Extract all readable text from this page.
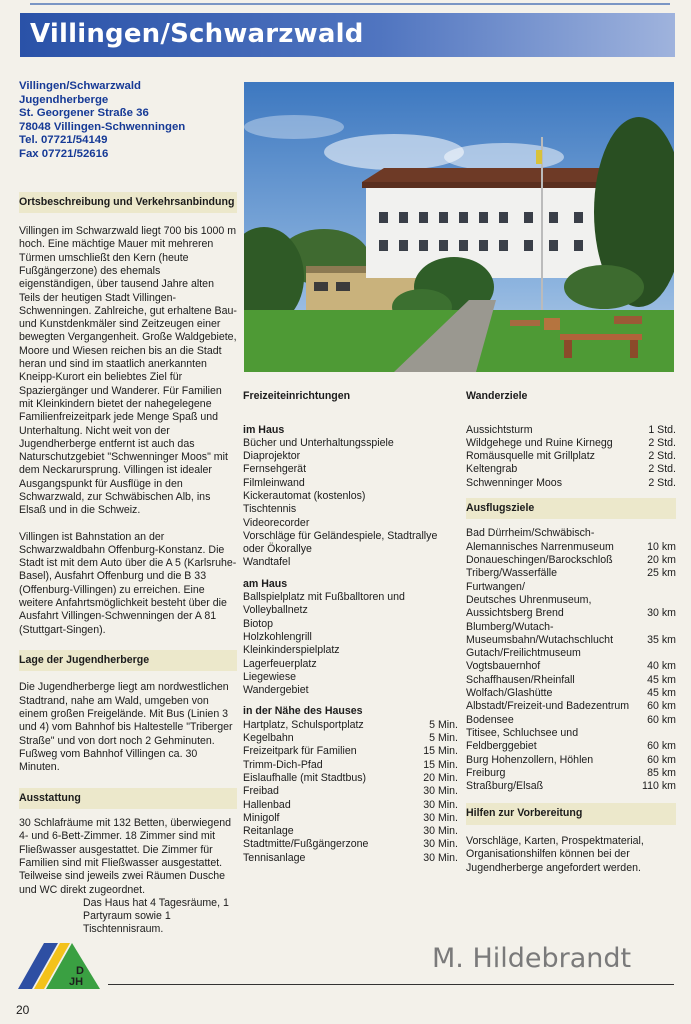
Villingen/Schwarzwald
Villingen/Schwarzwald
Jugendherberge
St. Georgener Straße 36
78048 Villingen-Schwenningen
Tel. 07721/54149
Fax 07721/52616
Ortsbeschreibung und Verkehrsanbindung

Villingen im Schwarzwald liegt 700 bis 1000 m hoch. Eine mächtige Mauer mit mehreren Türmen umschließt den Kern (heute Fußgängerzone) des ehemals eigenständigen, über tausend Jahre alten Teils der heutigen Stadt Villingen-Schwenningen. Zahlreiche, gut erhaltene Bau- und Kunstdenkmäler sind Zeitzeugen einer bewegten Vergangenheit. Große Waldgebiete, Moore und Wiesen reichen bis an die Stadt heran und sind im staatlich anerkannten Kneipp-Kurort ein beliebtes Ziel für Spaziergänger und Wanderer. Für Familien mit Kleinkindern bietet der nahegelegene Familienfreizeitpark jede Menge Spaß und Unterhaltung. Nicht weit von der Jugendherberge entfernt ist auch das Naturschutzgebiet "Schwenninger Moos" mit dem Neckarursprung. Villingen ist idealer Ausgangspunkt für Ausflüge in den Schwarzwald, zur Schwäbischen Alb, ins Elsaß und in die Schweiz.

Villingen ist Bahnstation an der Schwarzwaldbahn Offenburg-Konstanz. Die Stadt ist mit dem Auto über die A 5 (Karlsruhe-Basel), Ausfahrt Offenburg und die B 33 (Offenburg-Villingen) zu erreichen. Eine weitere Anfahrtsmöglichkeit besteht über die Ausfahrt Villingen-Schwenningen der A 81 (Stuttgart-Singen).

Lage der Jugendherberge

Die Jugendherberge liegt am nordwestlichen Stadtrand, nahe am Wald, umgeben von einem großen Freigelände. Mit Bus (Linien 3 und 4) vom Bahnhof bis Haltestelle "Triberger Straße" und von dort noch 2 Gehminuten. Fußweg vom Bahnhof Villingen ca. 30 Minuten.

Ausstattung

30 Schlafräume mit 132 Betten, überwiegend 4- und 6-Bett-Zimmer. 18 Zimmer sind mit Fließwasser ausgestattet. Die Zimmer für Familien sind mit Fließwasser ausgestattet. Teilweise sind jeweils zwei Räumen Dusche und WC direkt zugeordnet.

Das Haus hat 4 Tagesräume, 1 Partyraum sowie 1 Tischtennisraum.

Freizeiteinrichtungen
im Haus
Bücher und Unterhaltungsspiele
Diaprojektor
Fernsehgerät
Filmleinwand
Kickerautomat (kostenlos)
Tischtennis
Videorecorder
Vorschläge für Geländespiele, Stadtrallye oder Ökorallye
Wandtafel
am Haus
Ballspielplatz mit Fußballtoren und Volleyballnetz
Biotop
Holzkohlengrill
Kleinkinderspielplatz
Lagerfeuerplatz
Liegewiese
Wandergebiet
in der Nähe des Hauses
Hartplatz, Schulsportplatz	5 Min.
Kegelbahn	5 Min.
Freizeitpark für Familien	15 Min.
Trimm-Dich-Pfad	15 Min.
Eislaufhalle (mit Stadtbus)	20 Min.
Freibad	30 Min.
Hallenbad	30 Min.
Minigolf	30 Min.
Reitanlage	30 Min.
Stadtmitte/Fußgängerzone	30 Min.
Tennisanlage	30 Min.
Wanderziele
Aussichtsturm	1 Std.
Wildgehege und Ruine Kirnegg	2 Std.
Romäusquelle mit Grillplatz	2 Std.
Keltengrab	2 Std.
Schwenninger Moos	2 Std.
Ausflugsziele
Bad Dürrheim/Schwäbisch-
Alemannisches Narrenmuseum	10 km
Donaueschingen/Barockschloß	20 km
Triberg/Wasserfälle	25 km
Furtwangen/
Deutsches Uhrenmuseum,
Aussichtsberg Brend	30 km
Blumberg/Wutach-
Museumsbahn/Wutachschlucht	35 km
Gutach/Freilichtmuseum
Vogtsbauernhof	40 km
Schaffhausen/Rheinfall	45 km
Wolfach/Glashütte	45 km
Albstadt/Freizeit-und Badezentrum	60 km
Bodensee	60 km
Titisee, Schluchsee und
Feldberggebiet	60 km
Burg Hohenzollern, Höhlen	60 km
Freiburg	85 km
Straßburg/Elsaß	110 km
Hilfen zur Vorbereitung

Vorschläge, Karten, Prospektmaterial, Organisationshilfen können bei der Jugendherberge angefordert werden.

D
JH
M. Hildebrandt
20
